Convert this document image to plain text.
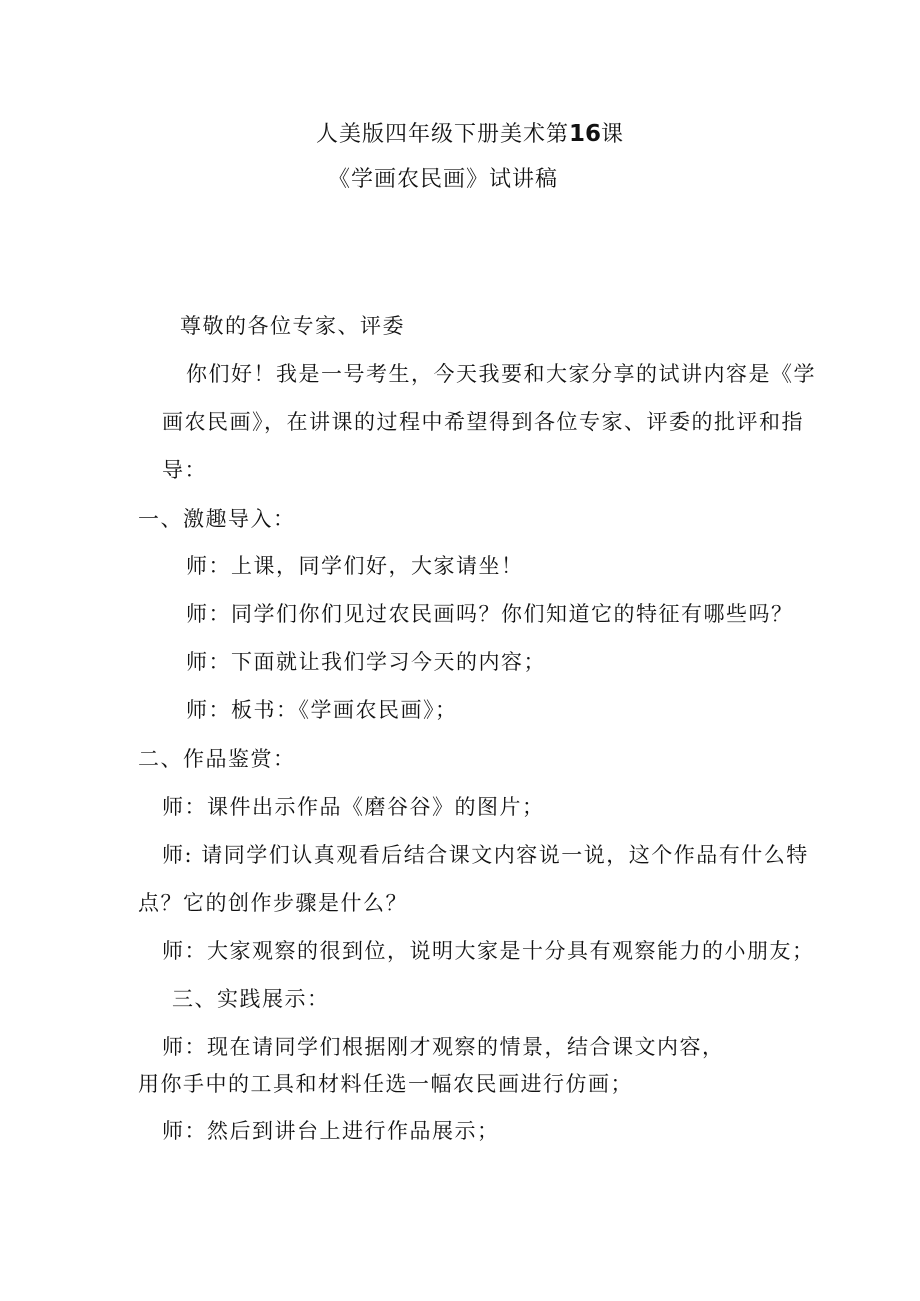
人美版四年级下册美术第16课
《学画农民画》试讲稿
尊敬的各位专家、评委
你们好！我是一号考生，今天我要和大家分享的试讲内容是《学
画农民画》，在讲课的过程中希望得到各位专家、评委的批评和指
导：
一、激趣导入：
师：上课，同学们好，大家请坐！
师：同学们你们见过农民画吗？你们知道它的特征有哪些吗？
师：下面就让我们学习今天的内容；
师：板书：《学画农民画》；
二、作品鉴赏：
师：课件出示作品《磨谷谷》的图片；
师: 请同学们认真观看后结合课文内容说一说，这个作品有什么特
点？它的创作步骤是什么？
师：大家观察的很到位，说明大家是十分具有观察能力的小朋友；
三、实践展示：
师：现在请同学们根据刚才观察的情景，结合课文内容，
用你手中的工具和材料任选一幅农民画进行仿画；
师：然后到讲台上进行作品展示；
